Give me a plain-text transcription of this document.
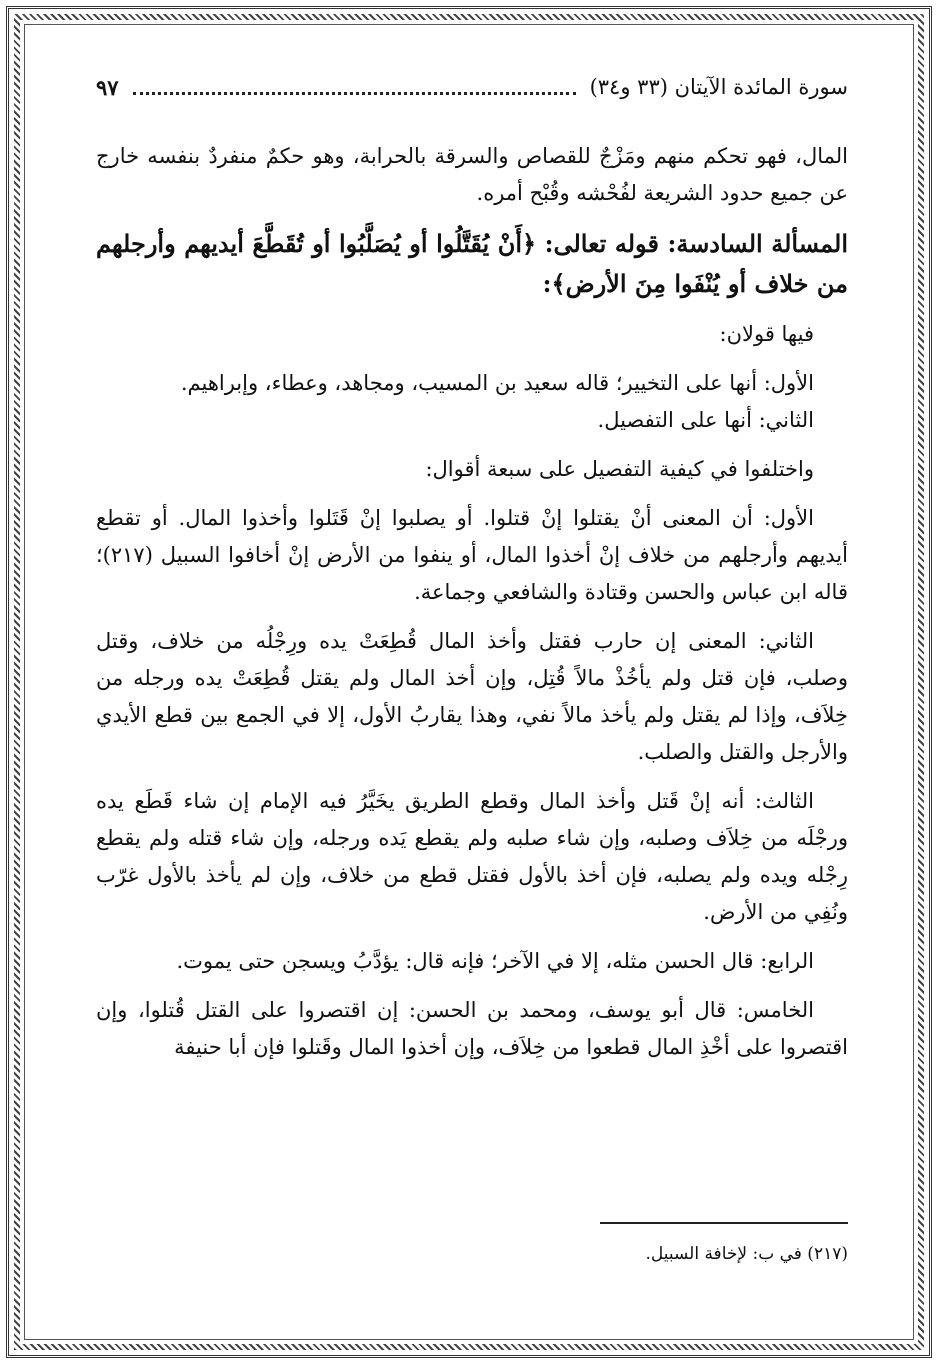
سورة المائدة الآيتان (٣٣ و٣٤)
٩٧

المال، فهو تحكم منهم ومَزْجٌ للقصاص والسرقة بالحرابة، وهو حكمٌ منفردٌ بنفسه خارج عن جميع حدود الشريعة لفُحْشه وقُبْح أمره.

المسألة السادسة: قوله تعالى: ﴿أَنْ يُقَتَّلُوا أو يُصَلَّبُوا أو تُقَطَّعَ أيديهم وأرجلهم من خلاف أو يُنْفَوا مِنَ الأرض﴾:

فيها قولان:

الأول: أنها على التخيير؛ قاله سعيد بن المسيب، ومجاهد، وعطاء، وإبراهيم.

الثاني: أنها على التفصيل.

واختلفوا في كيفية التفصيل على سبعة أقوال:

الأول: أن المعنى أنْ يقتلوا إنْ قتلوا. أو يصلبوا إنْ قَتَلوا وأخذوا المال. أو تقطع أيديهم وأرجلهم من خلاف إنْ أخذوا المال، أو ينفوا من الأرض إنْ أخافوا السبيل (٢١٧)؛ قاله ابن عباس والحسن وقتادة والشافعي وجماعة.

الثاني: المعنى إن حارب فقتل وأخذ المال قُطِعَتْ يده ورِجْلُه من خلاف، وقتل وصلب، فإن قتل ولم يأخُذْ مالاً قُتِل، وإن أخذ المال ولم يقتل قُطِعَتْ يده ورجله من خِلاَف، وإذا لم يقتل ولم يأخذ مالاً نفي، وهذا يقاربُ الأول، إلا في الجمع بين قطع الأيدي والأرجل والقتل والصلب.

الثالث: أنه إنْ قَتل وأخذ المال وقطع الطريق يخَيَّرُ فيه الإمام إن شاء قَطَع يده ورجْلَه من خِلاَف وصلبه، وإن شاء صلبه ولم يقطع يَده ورجله، وإن شاء قتله ولم يقطع رِجْله ويده ولم يصلبه، فإن أخذ بالأول فقتل قطع من خلاف، وإن لم يأخذ بالأول غرّب ونُفِي من الأرض.

الرابع: قال الحسن مثله، إلا في الآخر؛ فإنه قال: يؤدَّبُ ويسجن حتى يموت.

الخامس: قال أبو يوسف، ومحمد بن الحسن: إن اقتصروا على القتل قُتلوا، وإن اقتصروا على أخْذِ المال قطعوا من خِلاَف، وإن أخذوا المال وقَتلوا فإن أبا حنيفة

(٢١٧) في ب: لإخافة السبيل.
